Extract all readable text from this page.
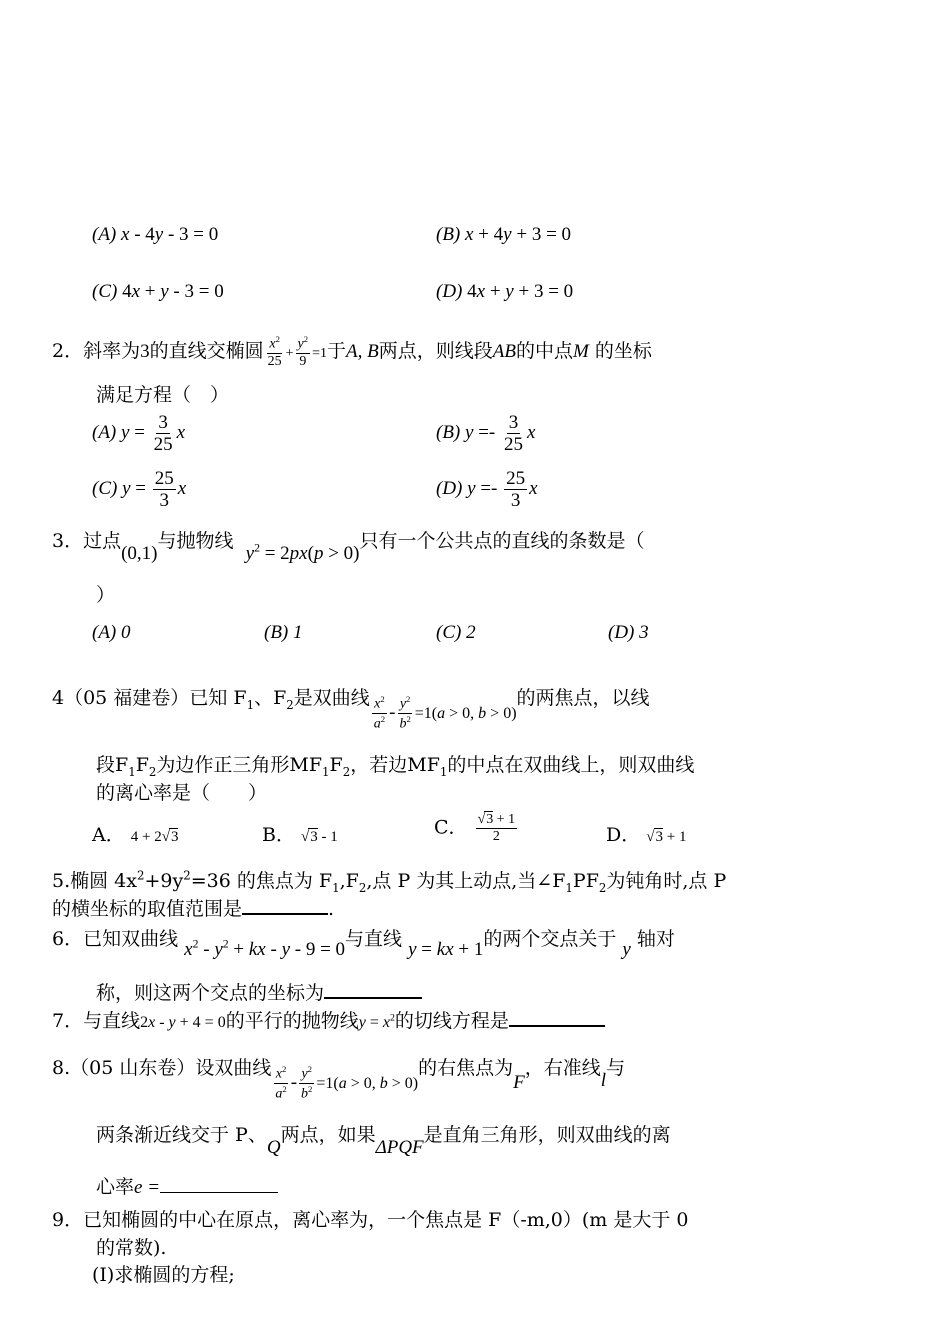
(A) x - 4y - 3 = 0	(B) x + 4y + 3 = 0
(C) 4x + y - 3 = 0	(D) 4x + y + 3 = 0
2．斜率为3的直线交椭圆 $\frac{x^2}{25} + \frac{y^2}{9} =1$于A, B两点，则线段AB的中点M 的坐标
满足方程（　）
(A) $y = \frac{3}{25}$ x	(B) $y =- \frac{3}{25}$ x
(C) $y = \frac{25}{3}$ x	(D) $y =- \frac{25}{3}$ x
3．过点(0,1)与抛物线  $y^2 = 2px(p > 0)$只有一个公共点的直线的条数是（
）
(A) 0	(B) 1	(C) 2	(D) 3
4（05 福建卷）已知 $F_1$、$F_2$是双曲线 $\frac{x^2}{a^2} - \frac{y^2}{b^2} _{=1(a > 0, b > 0)}$的两焦点，以线
段$F_1F_2$为边作正三角形$MF_1F_2$，若边$MF_1$的中点在双曲线上，则双曲线
的离心率是（　　）
A． 4 + 2√3	B． √3 - 1	C． $\frac{√3 + 1}{2}$	D． √3 + 1
5.椭圆 $4x^2+9y^2=36$ 的焦点为 $F_1,F_2$,点 P 为其上动点,当$\angle F_1PF_2$为钝角时,点 P
的横坐标的取值范围是	.
6．已知双曲线 $x^2 - y^2$ + kx - y - 9 = 0与直线 y = kx + 1的两个交点关于 y 轴对
称，则这两个交点的坐标为
7．与直线2x - y + 4 = 0的平行的抛物线$y = x^2$的切线方程是
8.（05 山东卷）设双曲线 $\frac{x^2}{a^2} - \frac{y^2}{b^2} _{=1(a > 0, b > 0)}$的右焦点为F，右准线l与
两条渐近线交于 P、Q两点，如果ΔPQF是直角三角形，则双曲线的离
心率e =
9．已知椭圆的中心在原点，离心率为，一个焦点是 F（-m,0）(m 是大于 0
的常数).
(Ⅰ)求椭圆的方程;
